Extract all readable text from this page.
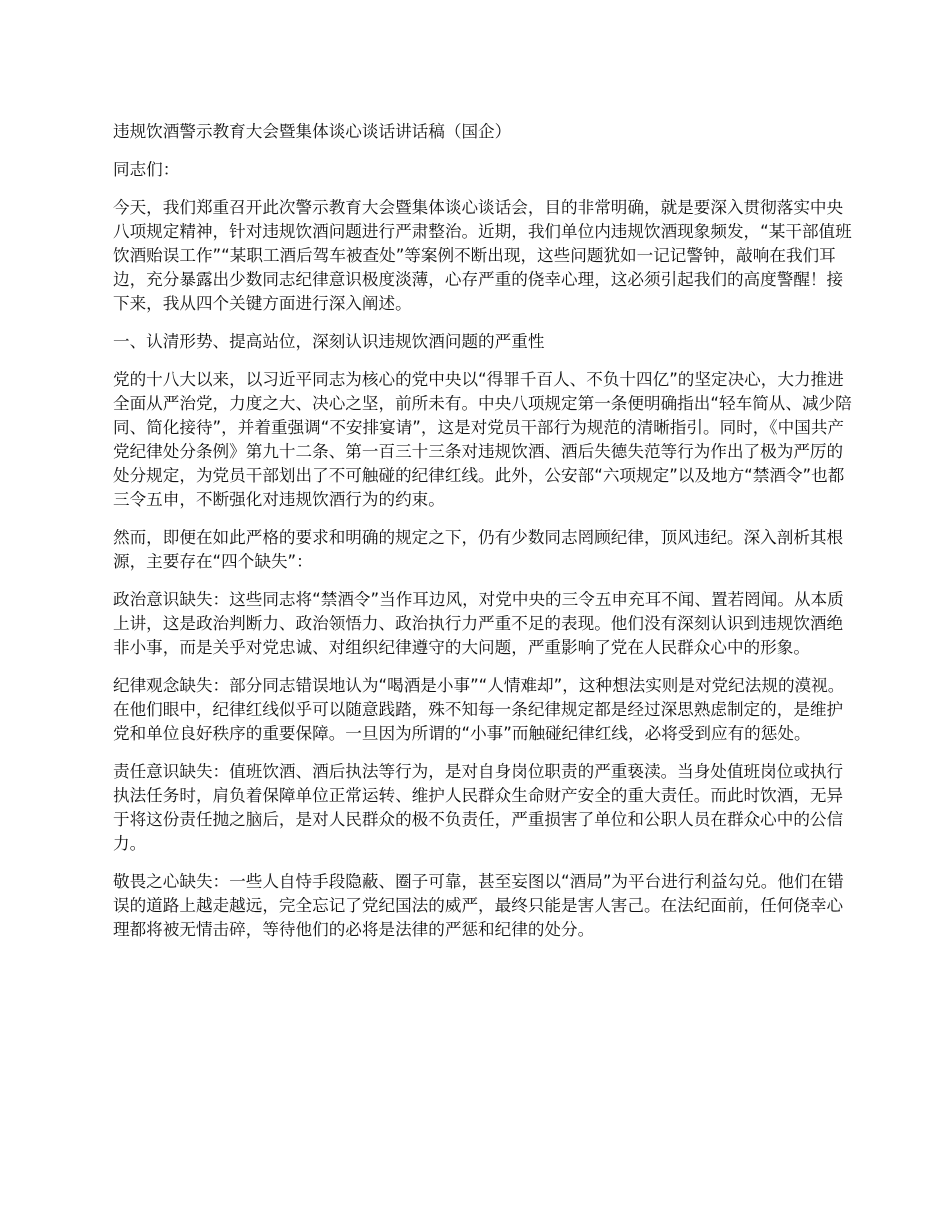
违规饮酒警示教育大会暨集体谈心谈话讲话稿（国企）

同志们：

今天，我们郑重召开此次警示教育大会暨集体谈心谈话会，目的非常明确，就是要深入贯彻落实中央八项规定精神，针对违规饮酒问题进行严肃整治。近期，我们单位内违规饮酒现象频发，“某干部值班饮酒贻误工作”“某职工酒后驾车被查处”等案例不断出现，这些问题犹如一记记警钟，敲响在我们耳边，充分暴露出少数同志纪律意识极度淡薄，心存严重的侥幸心理，这必须引起我们的高度警醒！接下来，我从四个关键方面进行深入阐述。

一、认清形势、提高站位，深刻认识违规饮酒问题的严重性

党的十八大以来，以习近平同志为核心的党中央以“得罪千百人、不负十四亿”的坚定决心，大力推进全面从严治党，力度之大、决心之坚，前所未有。中央八项规定第一条便明确指出“轻车简从、减少陪同、简化接待”，并着重强调“不安排宴请”，这是对党员干部行为规范的清晰指引。同时，《中国共产党纪律处分条例》第九十二条、第一百三十三条对违规饮酒、酒后失德失范等行为作出了极为严厉的处分规定，为党员干部划出了不可触碰的纪律红线。此外，公安部“六项规定”以及地方“禁酒令”也都三令五申，不断强化对违规饮酒行为的约束。

然而，即便在如此严格的要求和明确的规定之下，仍有少数同志罔顾纪律，顶风违纪。深入剖析其根源，主要存在“四个缺失”：

政治意识缺失：这些同志将“禁酒令”当作耳边风，对党中央的三令五申充耳不闻、置若罔闻。从本质上讲，这是政治判断力、政治领悟力、政治执行力严重不足的表现。他们没有深刻认识到违规饮酒绝非小事，而是关乎对党忠诚、对组织纪律遵守的大问题，严重影响了党在人民群众心中的形象。

纪律观念缺失：部分同志错误地认为“喝酒是小事”“人情难却”，这种想法实则是对党纪法规的漠视。在他们眼中，纪律红线似乎可以随意践踏，殊不知每一条纪律规定都是经过深思熟虑制定的，是维护党和单位良好秩序的重要保障。一旦因为所谓的“小事”而触碰纪律红线，必将受到应有的惩处。

责任意识缺失：值班饮酒、酒后执法等行为，是对自身岗位职责的严重亵渎。当身处值班岗位或执行执法任务时，肩负着保障单位正常运转、维护人民群众生命财产安全的重大责任。而此时饮酒，无异于将这份责任抛之脑后，是对人民群众的极不负责任，严重损害了单位和公职人员在群众心中的公信力。

敬畏之心缺失：一些人自恃手段隐蔽、圈子可靠，甚至妄图以“酒局”为平台进行利益勾兑。他们在错误的道路上越走越远，完全忘记了党纪国法的威严，最终只能是害人害己。在法纪面前，任何侥幸心理都将被无情击碎，等待他们的必将是法律的严惩和纪律的处分。
